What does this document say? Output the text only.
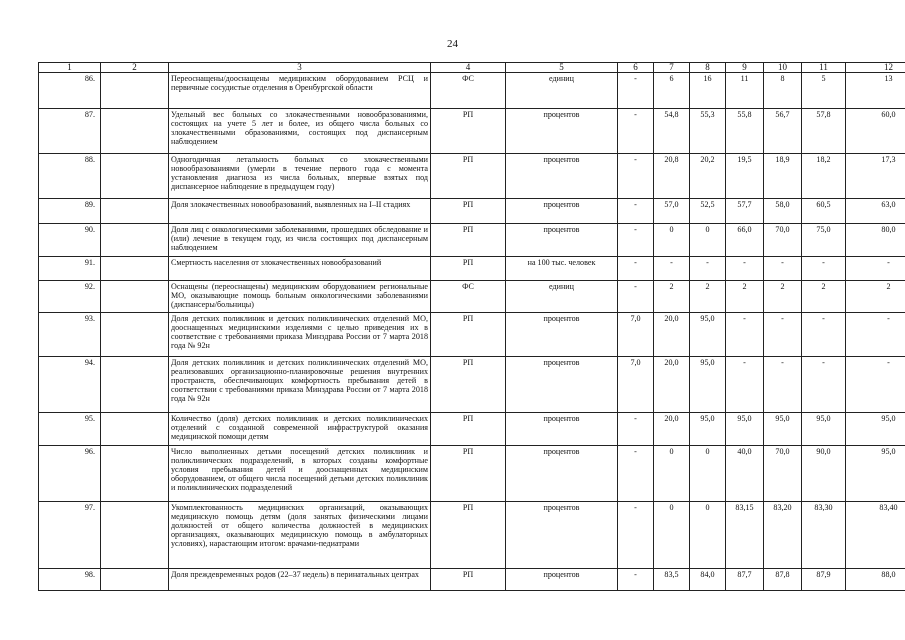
24
1	2	3	4	5	6	7	8	9	10	11	12
86.		Переоснащены/дооснащены медицинским оборудованием РСЦ и первичные сосудистые отделения в Оренбургской области	ФС	единиц	-	6	16	11	8	5	13
87.		Удельный вес больных со злокачественными новообразованиями, состоящих на учете 5 лет и более, из общего числа больных со злокачественными образованиями, состоящих под диспансерным наблюдением	РП	процентов	-	54,8	55,3	55,8	56,7	57,8	60,0
88.		Одногодичная летальность больных со злокачественными новообразованиями (умерли в течение первого года с момента установления диагноза из числа больных, впервые взятых под диспансерное наблюдение в предыдущем году)	РП	процентов	-	20,8	20,2	19,5	18,9	18,2	17,3
89.		Доля злокачественных новообразований, выявленных на I–II стадиях	РП	процентов	-	57,0	52,5	57,7	58,0	60,5	63,0
90.		Доля лиц с онкологическими заболеваниями, прошедших обследование и (или) лечение в текущем году, из числа состоящих под диспансерным наблюдением	РП	процентов	-	0	0	66,0	70,0	75,0	80,0
91.		Смертность населения от злокачественных новообразований	РП	на 100 тыс. человек	-	-	-	-	-	-	-
92.		Оснащены (переоснащены) медицинским оборудованием региональные МО, оказывающие помощь больным онкологическими заболеваниями (диспансеры/больницы)	ФС	единиц	-	2	2	2	2	2	2
93.		Доля детских поликлиник и детских поликлинических отделений МО, дооснащенных медицинскими изделиями с целью приведения их в соответствие с требованиями приказа Минздрава России от 7 марта 2018 года № 92н	РП	процентов	7,0	20,0	95,0	-	-	-	-
94.		Доля детских поликлиник и детских поликлинических отделений МО, реализовавших организационно-планировочные решения внутренних пространств, обеспечивающих комфортность пребывания детей в соответствии с требованиями приказа Минздрава России от 7 марта 2018 года № 92н	РП	процентов	7,0	20,0	95,0	-	-	-	-
95.		Количество (доля) детских поликлиник и детских поликлинических отделений с созданной современной инфраструктурой оказания медицинской помощи детям	РП	процентов	-	20,0	95,0	95,0	95,0	95,0	95,0
96.		Число выполненных детьми посещений детских поликлиник и поликлинических подразделений, в которых созданы комфортные условия пребывания детей и дооснащенных медицинским оборудованием, от общего числа посещений детьми детских поликлиник и поликлинических подразделений	РП	процентов	-	0	0	40,0	70,0	90,0	95,0
97.		Укомплектованность медицинских организаций, оказывающих медицинскую помощь детям (доля занятых физическими лицами должностей от общего количества должностей в медицинских организациях, оказывающих медицинскую помощь в амбулаторных условиях), нарастающим итогом: врачами-педиатрами	РП	процентов	-	0	0	83,15	83,20	83,30	83,40
98.		Доля преждевременных родов (22–37 недель) в перинатальных центрах	РП	процентов	-	83,5	84,0	87,7	87,8	87,9	88,0
